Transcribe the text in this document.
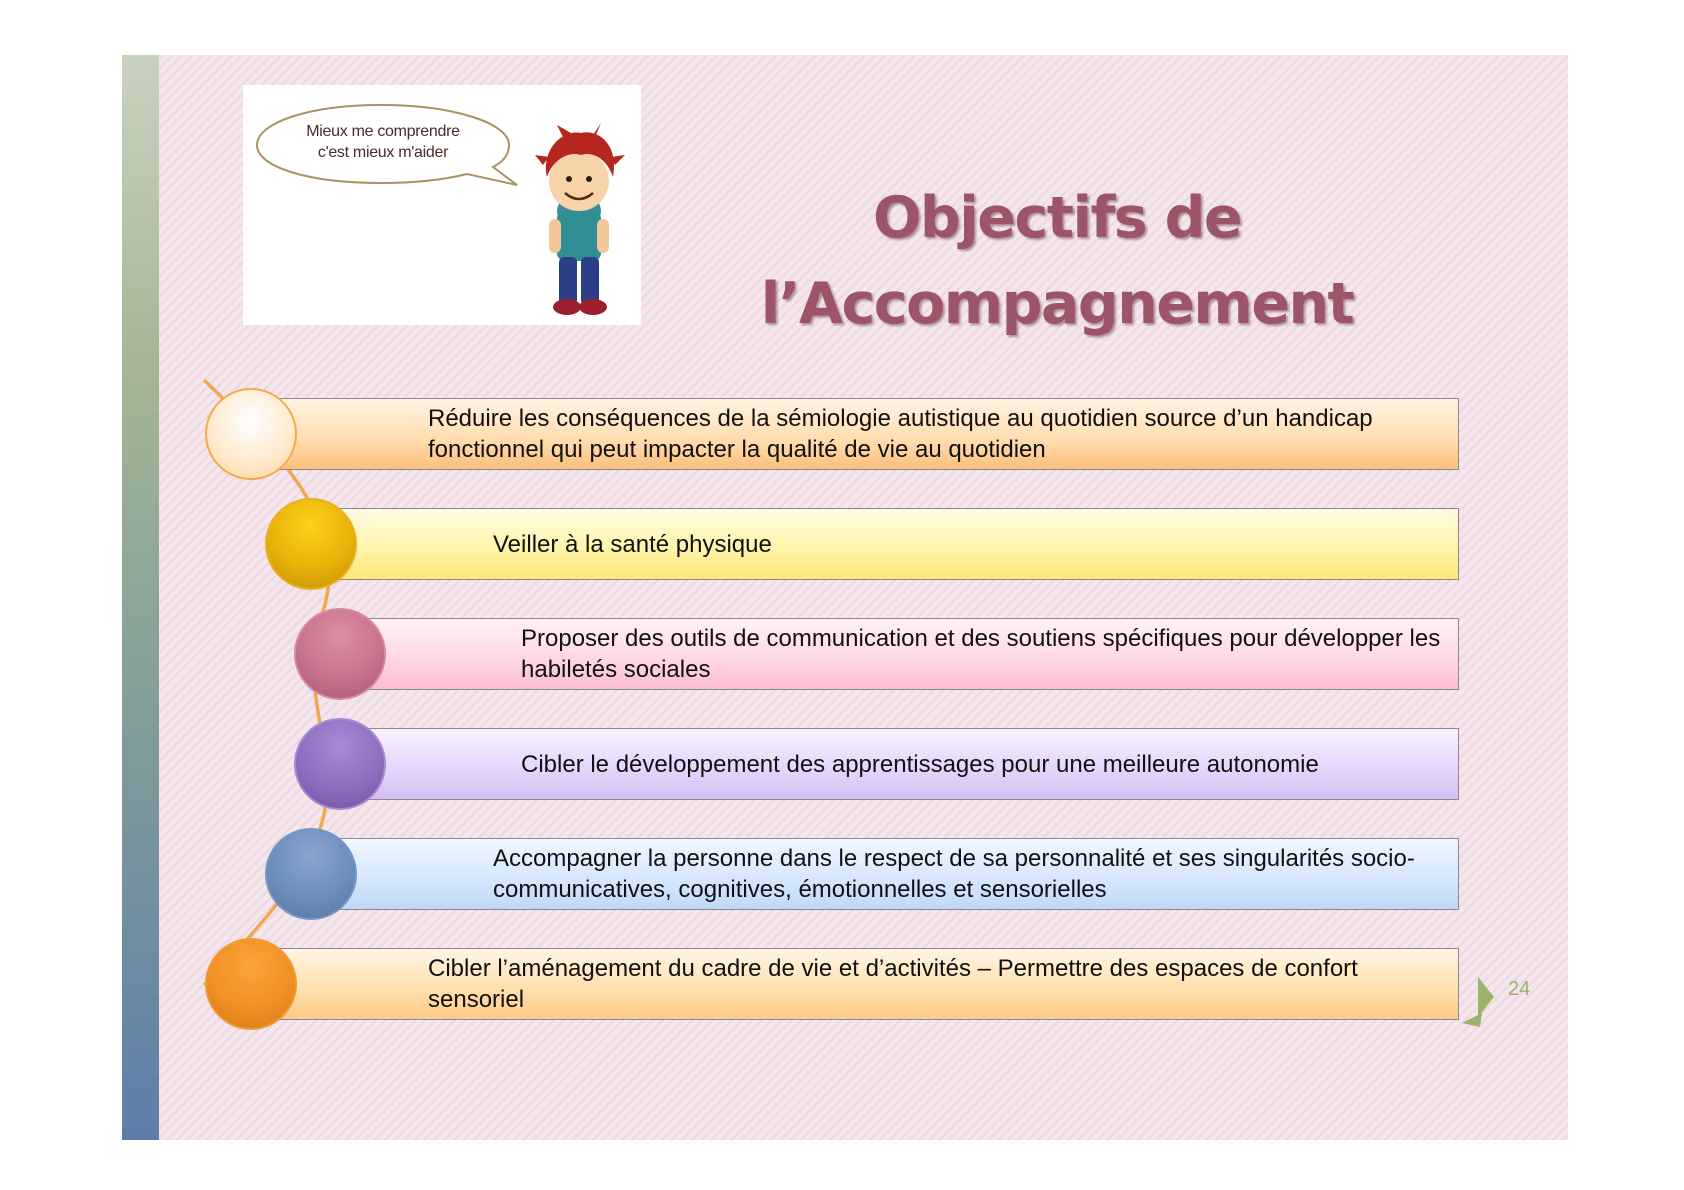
Mieux me comprendre
c'est mieux m'aider
Objectifs de
l’Accompagnement
Réduire les conséquences de la sémiologie autistique au quotidien source d’un handicap fonctionnel qui peut impacter la qualité de vie au quotidien
Veiller à la santé physique
Proposer des outils de communication et des soutiens spécifiques pour développer les habiletés sociales
Cibler le développement des apprentissages pour une meilleure autonomie
Accompagner la personne dans le respect de sa personnalité et ses singularités socio-communicatives, cognitives, émotionnelles et sensorielles
Cibler l’aménagement du cadre de vie et d’activités – Permettre des espaces de confort sensoriel	24
